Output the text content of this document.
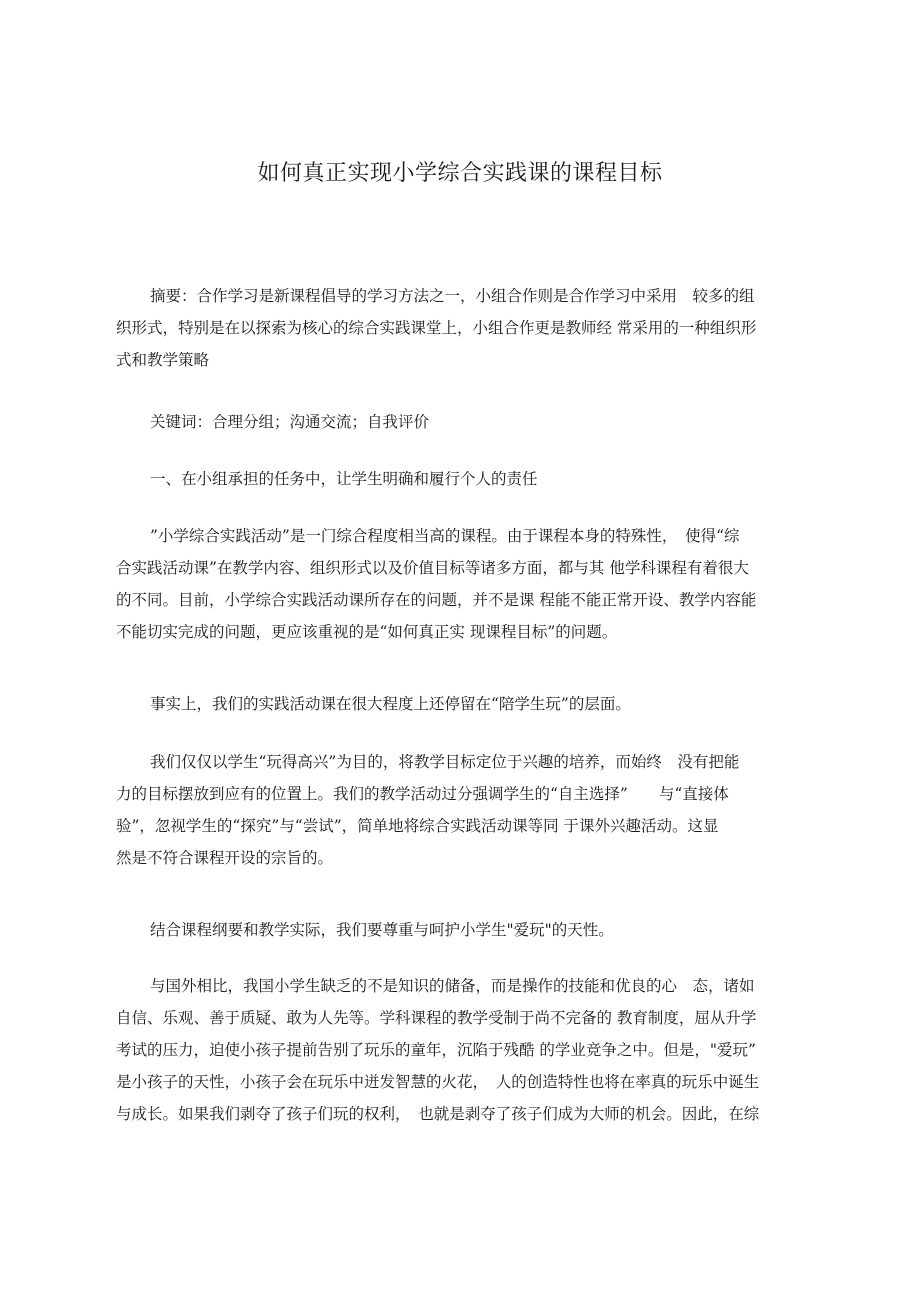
如何真正实现小学综合实践课的课程目标
摘要：合作学习是新课程倡导的学习方法之一，小组合作则是合作学习中采用　较多的组
织形式，特别是在以探索为核心的综合实践课堂上，小组合作更是教师经 常采用的一种组织形
式和教学策略
关键词：合理分组；沟通交流；自我评价
一、在小组承担的任务中，让学生明确和履行个人的责任
”小学综合实践活动”是一门综合程度相当高的课程。由于课程本身的特殊性，　使得“综
合实践活动课”在教学内容、组织形式以及价值目标等诸多方面，都与其 他学科课程有着很大
的不同。目前，小学综合实践活动课所存在的问题，并不是课 程能不能正常开设、教学内容能
不能切实完成的问题，更应该重视的是“如何真正实 现课程目标”的问题。
事实上，我们的实践活动课在很大程度上还停留在“陪学生玩”的层面。
我们仅仅以学生“玩得高兴”为目的，将教学目标定位于兴趣的培养，而始终　没有把能
力的目标摆放到应有的位置上。我们的教学活动过分强调学生的“自主选择”　　与“直接体
验”，忽视学生的“探究”与“尝试”，简单地将综合实践活动课等同 于课外兴趣活动。这显
然是不符合课程开设的宗旨的。
结合课程纲要和教学实际，我们要尊重与呵护小学生"爱玩"的天性。
与国外相比，我国小学生缺乏的不是知识的储备，而是操作的技能和优良的心　态，诸如
自信、乐观、善于质疑、敢为人先等。学科课程的教学受制于尚不完备的 教育制度，屈从升学
考试的压力，迫使小孩子提前告别了玩乐的童年，沉陷于残酷 的学业竞争之中。但是，"爱玩”
是小孩子的天性，小孩子会在玩乐中迸发智慧的火花，　人的创造特性也将在率真的玩乐中诞生
与成长。如果我们剥夺了孩子们玩的权利，　也就是剥夺了孩子们成为大师的机会。因此，在综
